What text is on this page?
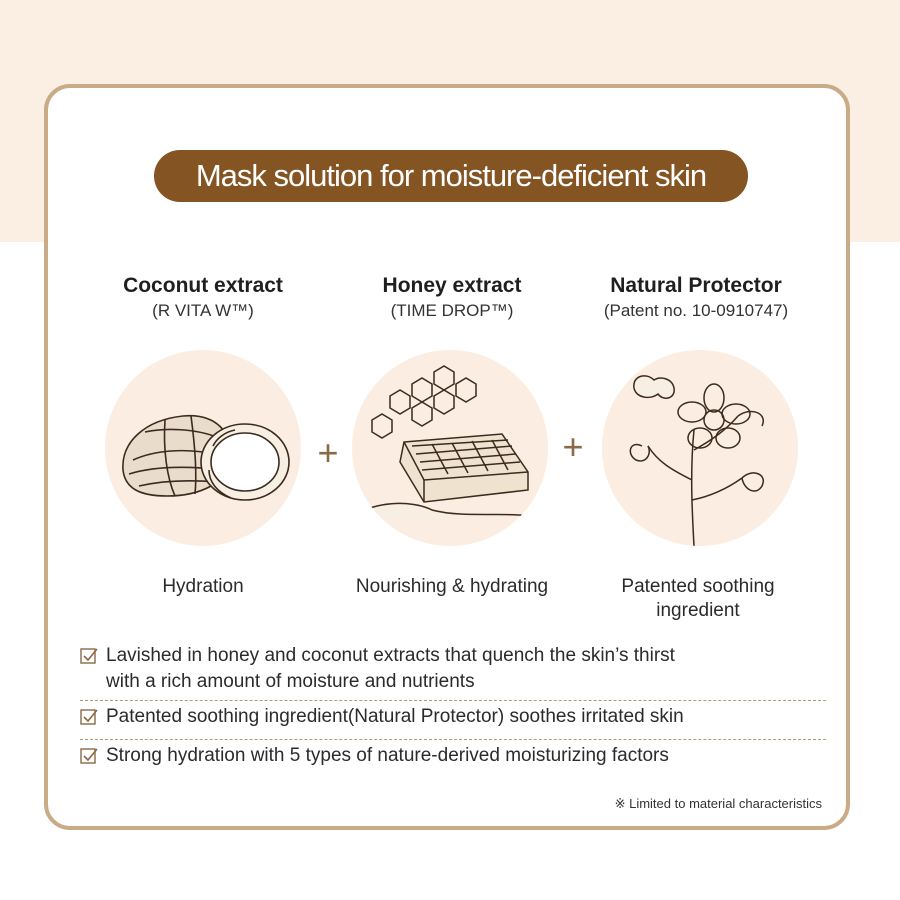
Mask solution for moisture-deficient skin
Coconut extract
(R VITA W™)
Honey extract
(TIME DROP™)
Natural Protector
(Patent no. 10-0910747)
+	+
Hydration	Nourishing & hydrating	Patented soothing
ingredient
Lavished in honey and coconut extracts that quench the skin’s thirst
with a rich amount of moisture and nutrients
Patented soothing ingredient(Natural Protector) soothes irritated skin
Strong hydration with 5 types of nature-derived moisturizing factors
※ Limited to material characteristics
